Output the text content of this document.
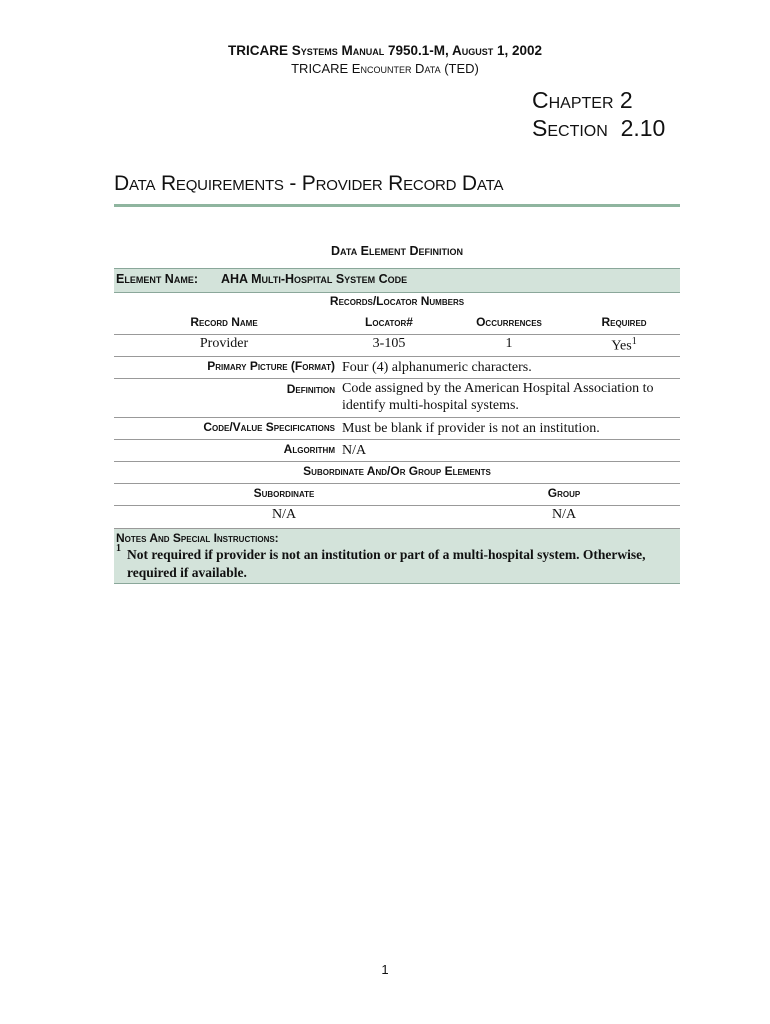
TRICARE Systems Manual 7950.1-M, August 1, 2002
TRICARE Encounter Data (TED)
Chapter 2
Section  2.10
Data Requirements - Provider Record Data
Data Element Definition
Element Name: AHA Multi-Hospital System Code
Records/Locator Numbers
Record Name	Locator#	Occurrences	Required
Provider	3-105	1	Yes$^1$
Primary Picture (Format) Four (4) alphanumeric characters.
Definition Code assigned by the American Hospital Association to identify multi-hospital systems.
Code/Value Specifications Must be blank if provider is not an institution.
Algorithm N/A
Subordinate And/Or Group Elements
Subordinate	Group
N/A	N/A
Notes And Special Instructions:
1 Not required if provider is not an institution or part of a multi-hospital system. Otherwise, required if available.
1
